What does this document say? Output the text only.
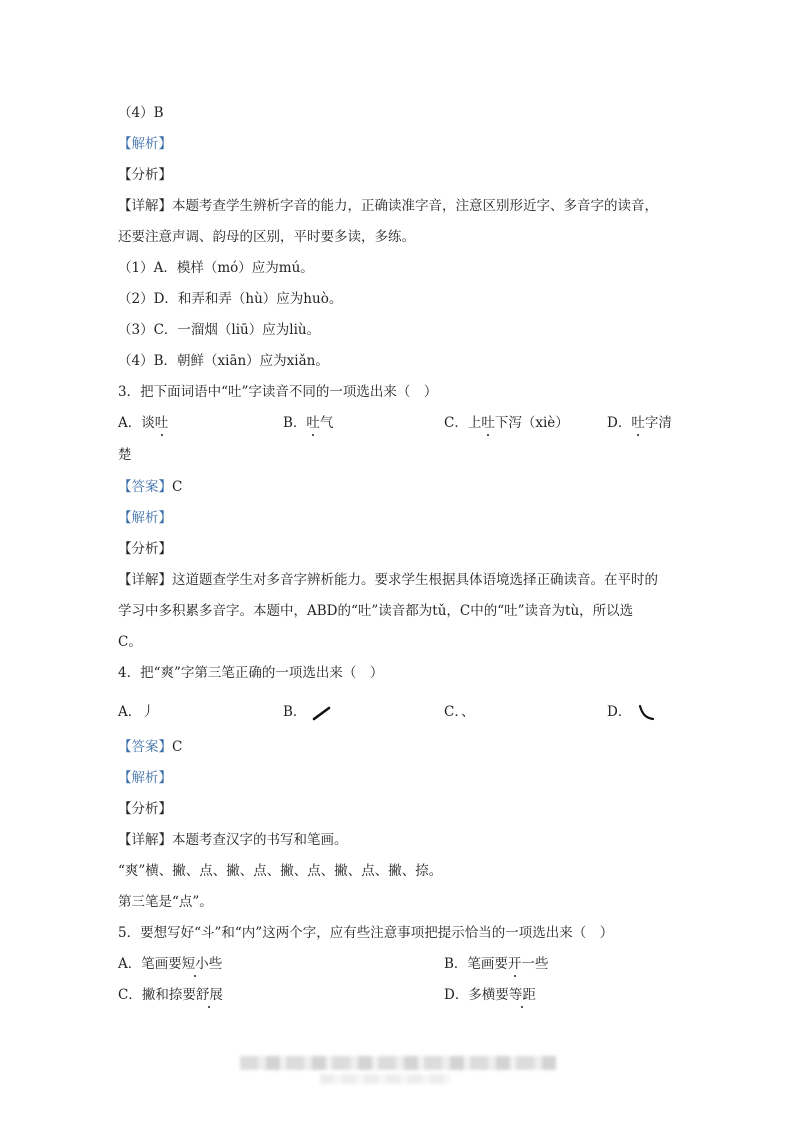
（4）B
【解析】
【分析】
【详解】本题考查学生辨析字音的能力，正确读准字音，注意区别形近字、多音字的读音，
还要注意声调、韵母的区别，平时要多读，多练。
（1）A．模样（mó）应为mú。
（2）D．和弄和弄（hù）应为huò。
（3）C．一溜烟（liū）应为liù。
（4）B．朝鲜（xiān）应为xiǎn。
3．把下面词语中“吐”字读音不同的一项选出来（　）
A．谈吐	B．吐气	C．上吐下泻（xiè）	D．吐字清
楚
【答案】C
【解析】
【分析】
【详解】这道题查学生对多音字辨析能力。要求学生根据具体语境选择正确读音。在平时的
学习中多积累多音字。本题中，ABD的“吐”读音都为tǔ，C中的“吐”读音为tù，所以选
C。
4．把“爽”字第三笔正确的一项选出来（　）
A．丿	B．	C．、	D．
【答案】C
【解析】
【分析】
【详解】本题考查汉字的书写和笔画。
“爽”横、撇、点、撇、点、撇、点、撇、点、撇、捺。
第三笔是“点”。
5．要想写好“斗”和“内”这两个字，应有些注意事项把提示恰当的一项选出来（　）
A．笔画要短小些	B．笔画要开一些
C．撇和捺要舒展	D．多横要等距
